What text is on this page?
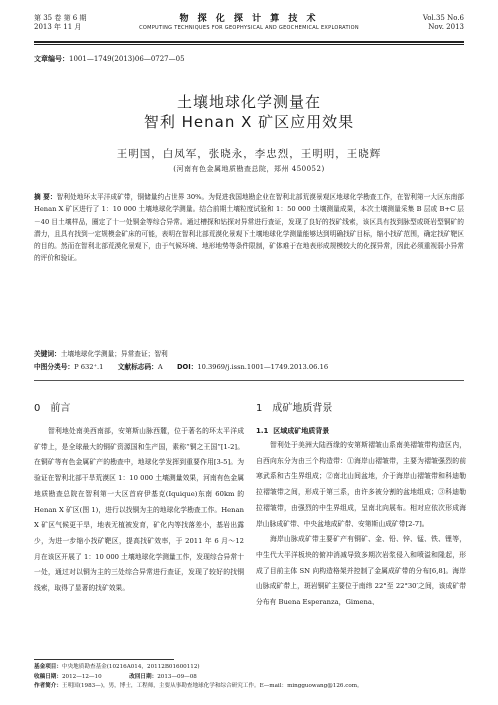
第 35 卷 第 6 期
2013 年 11 月
物 探 化 探 计 算 技 术
COMPUTING TECHNIQUES FOR GEOPHYSICAL AND GEOCHEMICAL EXPLORATION
Vol.35 No.6
Nov. 2013
文章编号：1001—1749(2013)06—0727—05
土壤地球化学测量在
智利 Henan X 矿区应用效果
王明国，白凤军，张晓永，李忠烈，王明明，王晓辉
(河南有色金属地质勘查总院，郑州 450052)
摘 要：智利处地环太平洋成矿带，铜储量约占世界 30%。为促进我国地勘企业在智利北部荒漠景观区地球化学勘查工作，在智利第一大区东南部 Henan X 矿区进行了 1：10 000 土壤地球化学测量。结合前期土壤粒度试验和 1：50 000 土壤测量成果，本次土壤测量采集 B 层或 B+C 层－40 目土壤样品，圈定了十一处铜金等综合异常。通过槽探和钻探对异常进行查证，发现了良好的找矿线索，该区具有找到脉型或斑岩型铜矿的潜力，且具有找到一定规模金矿床的可能，表明在智利北部荒漠化景观下土壤地球化学测量能够达到明确找矿目标，缩小找矿范围，确定找矿靶区的目的。然而在智利北部荒漠化景观下，由于气候环境、地形地势等条件限制，矿体难于在地表形成规模较大的化探异常，因此必须重视弱小异常的评价和验证。
关键词：土壤地球化学测量；异常查证；智利
中图分类号：P 632⁺.1 文献标志码：A DOI：10.3969/j.issn.1001—1749.2013.06.16
0 前言
智利地处南美西南部，安第斯山脉西麓，位于著名的环太平洋成矿带上，是全球最大的铜矿资源国和生产国，素称“铜之王国”[1-2]。在铜矿等有色金属矿产的勘查中，地球化学发挥到重要作用[3-5]。为验证在智利北部干旱荒漠区 1：10 000 土壤测量效果，河南有色金属地质勘查总院在智利第一大区首府伊基克(Iquique)东南 60km 的 Henan X 矿区(图 1)，进行以找铜为主的地球化学勘查工作。Henan X 矿区气候更干旱，地表无植被发育，矿化内等找落差小，基岩出露少，为进一步缩小找矿靶区，提高找矿效率，于 2011 年 6 月～12 月在该区开展了 1：10 000 土壤地球化学测量工作，发现综合异常十一处，通过对以铜为主的三处综合异常进行查证，发现了较好的找铜线索，取得了显著的找矿效果。
1 成矿地质背景
1.1 区域成矿地质背景
智利处于美洲大陆西缘的安第斯褶皱山系南美褶皱带构造区内，自西向东分为由三个构造带：①海岸山褶皱带，主要为褶皱强烈的前寒武系和古生界组成；②南北山间盆地，介于海岸山褶皱带和科迪勒拉褶皱带之间，形成于第三系，由许多被分割的盆地组成；③科迪勒拉褶皱带，由强烈的中生界组成，呈南北向展布。相对应依次形成海岸山脉成矿带、中央盆地成矿带、安第斯山成矿带[2-7]。
海岸山脉成矿带主要矿产有铜矿、金、铅、锌、锰、铁、锂等，中生代大平洋板块的俯冲消减导致多期次岩浆侵入和喷溢和隆起，形成了目前主体 SN 向构造格架并控制了金属成矿带的分布[6,8]。海岸山脉成矿带上，斑岩铜矿主要位于南纬 22°至 22°30′之间，该成矿带分布有 Buena Esperanza，Gimena、
基金项目：中央地质勘查基金(10216A014，20112B01600112)
收稿日期：2012—12—10	改回日期：2013—09—08
作者简介：王明国(1983—)，男，博士，工程师，主要从事勘查地球化学和综合研究工作。E—mail：mingguowang@126.com。
